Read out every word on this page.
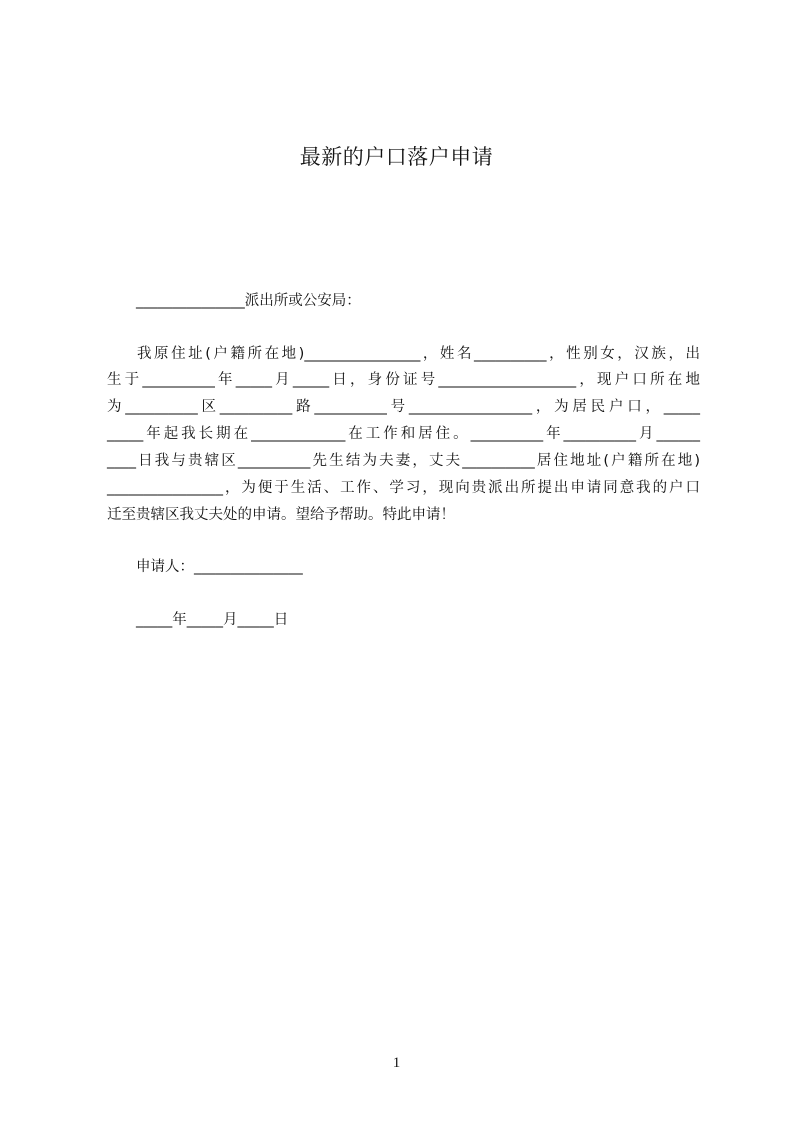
最新的户口落户申请
_______________派出所或公安局：
我原住址(户籍所在地)________________，姓名__________，性别女，汉族，出
生于__________年_____月_____日，身份证号___________________，现户口所在地
为__________区__________路__________号_________________，为居民户口，_____
_____年起我长期在_____________在工作和居住。__________年__________月______
____日我与贵辖区__________先生结为夫妻，丈夫__________居住地址(户籍所在地)
________________，为便于生活、工作、学习，现向贵派出所提出申请同意我的户口
迁至贵辖区我丈夫处的申请。望给予帮助。特此申请！
申请人：_______________
_____年_____月_____日
1
